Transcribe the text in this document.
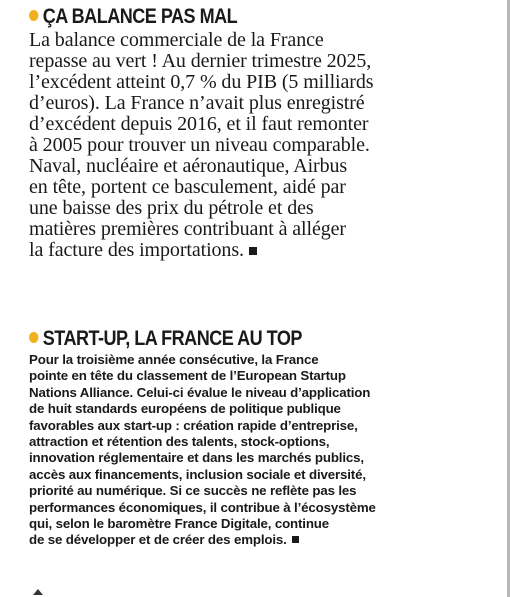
ÇA BALANCE PAS MAL

La balance commerciale de la France

repasse au vert ! Au dernier trimestre 2025,

l’excédent atteint 0,7 % du PIB (5 milliards

d’euros). La France n’avait plus enregistré

d’excédent depuis 2016, et il faut remonter

à 2005 pour trouver un niveau comparable.

Naval, nucléaire et aéronautique, Airbus

en tête, portent ce basculement, aidé par

une baisse des prix du pétrole et des

matières premières contribuant à alléger

la facture des importations.

START-UP, LA FRANCE AU TOP

Pour la troisième année consécutive, la France

pointe en tête du classement de l’European Startup

Nations Alliance. Celui-ci évalue le niveau d’application

de huit standards européens de politique publique

favorables aux start-up : création rapide d’entreprise,

attraction et rétention des talents, stock-options,

innovation réglementaire et dans les marchés publics,

accès aux financements, inclusion sociale et diversité,

priorité au numérique. Si ce succès ne reflète pas les

performances économiques, il contribue à l’écosystème

qui, selon le baromètre France Digitale, continue

de se développer et de créer des emplois.
